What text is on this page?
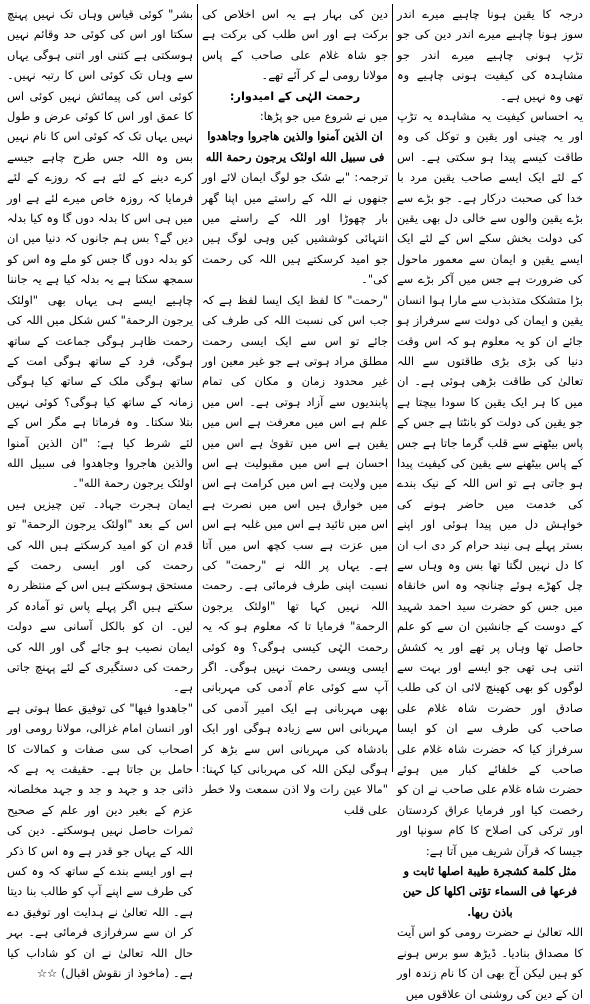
درجہ کا یقین ہونا چاہیے میرے اندر سوز ہونا چاہیے میرے اندر دین کی جو تڑپ ہونی چاہیے میرے اندر جو مشاہدہ کی کیفیت ہونی چاہیے وہ تھی وہ نہیں ہے۔

یہ احساس کیفیت یہ مشاہدہ یہ تڑپ اور یہ چینی اور یقین و توکل کی وہ طاقت کیسے پیدا ہو سکتی ہے۔ اس کے لئے ایک ایسے صاحب یقین مرد با خدا کی صحبت درکار ہے۔ جو بڑے سے بڑے یقین والوں سے خالی دل بھی یقین کی دولت بخش سکے اس کے لئے ایک ایسے یقین و ایمان سے معمور ماحول کی ضرورت ہے جس میں آکر بڑے سے بڑا متشکک متذبذب سے مارا ہوا انسان یقین و ایمان کی دولت سے سرفراز ہو جائے ان کو یہ معلوم ہو کہ اس وقت دنیا کی بڑی بڑی طاقتوں سے اللہ تعالیٰ کی طاقت بڑھی ہوئی ہے۔ ان میں کا ہر ایک یقین کا سودا بیچتا ہے جو یقین کی دولت کو بانٹتا ہے جس کے پاس بیٹھنے سے قلب گرما جاتا ہے جس کے پاس بیٹھنے سے یقین کی کیفیت پیدا ہو جاتی ہے تو اس اللہ کے نیک بندے کی خدمت میں حاضر ہونے کی خواہش دل میں پیدا ہوئی اور اپنے بستر پہلے ہی نیند حرام کر دی اب ان کا دل نہیں لگتا تھا بس وہ وہاں سے چل کھڑے ہوئے چنانچہ وہ اس خانقاہ میں جس کو حضرت سید احمد شہید کے دوست کے جانشین ان سے کو علم حاصل تھا وہاں پر تھے اور یہ کشش اتنی ہی تھی جو ایسے اور بہت سے لوگوں کو بھی کھینچ لائی ان کی طلب صادق اور حضرت شاہ غلام علی صاحب کی طرف سے ان کو ایسا سرفراز کیا کہ حضرت شاہ غلام علی صاحب کے خلفائے کبار میں ہوئے حضرت شاہ غلام علی صاحب نے ان کو رخصت کیا اور فرمایا عراق کردستان اور ترکی کی اصلاح کا کام سونپا اور جیسا کہ قرآن شریف میں آتا ہے:

مثل کلمة کشجرة طیبة اصلها ثابت و فرعها فی السماء تؤتی اکلها کل حین باذن ربها.

اللہ تعالیٰ نے حضرت رومی کو اس آیت کا مصداق بنادیا۔ ڈیڑھ سو برس ہونے کو ہیں لیکن آج بھی ان کا نام زندہ اور ان کے دین کی روشنی ان علاقوں میں

دین کی بہار ہے یہ اس اخلاص کی برکت ہے اور اس طلب کی برکت ہے جو شاہ غلام علی صاحب کے پاس مولانا رومی لے کر آئے تھے۔

رحمت الہٰی کے امیدوار:

میں نے شروع میں جو پڑھا:

ان الذین آمنوا والذین هاجروا وجاهدوا فی سبیل الله اولئک یرجون رحمة الله

ترجمہ: "بے شک جو لوگ ایمان لائے اور جنھوں نے اللہ کے راستے میں اپنا گھر بار چھوڑا اور اللہ کے راستے میں انتہائی کوششیں کیں وہی لوگ ہیں جو امید کرسکتے ہیں اللہ کی رحمت کی"۔

"رحمت" کا لفظ ایک ایسا لفظ ہے کہ جب اس کی نسبت اللہ کی طرف کی جائے تو اس سے ایک ایسی رحمت مطلق مراد ہوتی ہے جو غیر معین اور غیر محدود زمان و مکان کی تمام پابندیوں سے آزاد ہوتی ہے۔ اس میں علم ہے اس میں معرفت ہے اس میں یقین ہے اس میں تقویٰ ہے اس میں احسان ہے اس میں مقبولیت ہے اس میں ولایت ہے اس میں کرامت ہے اس میں خوارق ہیں اس میں نصرت ہے اس میں تائید ہے اس میں غلبہ ہے اس میں عزت ہے سب کچھ اس میں آتا ہے۔ یہاں پر اللہ نے "رحمت" کی نسبت اپنی طرف فرمائی ہے۔ رحمت اللہ نہیں کہا تھا "اولئک یرجون الرحمة" فرمایا تا کہ معلوم ہو کہ یہ رحمت الہٰی کیسی ہوگی؟ وہ کوئی ایسی ویسی رحمت نہیں ہوگی۔ اگر آپ سے کوئی عام آدمی کی مہربانی بھی مہربانی ہے ایک امیر آدمی کی مہربانی اس سے زیادہ ہوگی اور ایک بادشاہ کی مہربانی اس سے بڑھ کر ہوگی لیکن اللہ کی مہربانی کیا کہنا: "مالا عین رات ولا اذن سمعت ولا خطر علی قلب

بشر" کوئی قیاس وہاں تک نہیں پہنچ سکتا اور اس کی کوئی حد وقائم نہیں ہوسکتی ہے کتنی اور اتنی ہوگی یہاں سے وہاں تک کوئی اس کا رتبہ نہیں۔ کوئی اس کی پیمائش نہیں کوئی اس کا عمق اور اس کا کوئی عرض و طول نہیں یہاں تک کہ کوئی اس کا نام نہیں بس وہ اللہ جس طرح چاہے جیسے کرے دینے کے لئے ہے کہ روزے کے لئے فرمایا کہ روزہ خاص میرے لئے ہے اور میں ہی اس کا بدلہ دوں گا وہ کیا بدلہ دیں گے؟ بس ہم جانوں کہ دنیا میں ان کو بدلہ دوں گا جس کو ملے وہ اس کو سمجھ سکتا ہے یہ بدلہ کیا ہے یہ جاننا چاہیے ایسے ہی یہاں بھی "اولئک یرجون الرحمة" کس شکل میں اللہ کی رحمت ظاہر ہوگی جماعت کے ساتھ ہوگی، فرد کے ساتھ ہوگی امت کے ساتھ ہوگی ملک کے ساتھ کیا ہوگی زمانہ کے ساتھ کیا ہوگی؟ کوئی نہیں بتلا سکتا۔ وہ فرماتا ہے مگر اس کے لئے شرط کیا ہے: "ان الذین آمنوا والذین هاجروا وجاهدوا فی سبیل الله اولئک یرجون رحمة الله"۔

ایمان ہجرت جہاد۔ تین چیزیں ہیں اس کے بعد "اولئک یرجون الرحمة" تو قدم ان کو امید کرسکتے ہیں اللہ کی رحمت کی اور ایسی رحمت کے مستحق ہوسکتے ہیں اس کے منتظر رہ سکتے ہیں اگر پہلے پاس تو آمادہ کر لیں۔ ان کو بالکل آسانی سے دولت ایمان نصیب ہو جائے گی اور اللہ کی رحمت کی دستگیری کے لئے پہنچ جاتی ہے۔

"جاهدوا فیها" کی توفیق عطا ہوتی ہے اور انسان امام غزالی، مولانا رومی اور اصحاب کی سی صفات و کمالات کا حامل بن جاتا ہے۔ حقیقت یہ ہے کہ ذاتی جد و جہد و جد و جہد مخلصانہ عزم کے بغیر دین اور علم کے صحیح ثمرات حاصل نہیں ہوسکتے۔ دین کی اللہ کے یہاں جو قدر ہے وہ اس کا ذکر ہے اور ایسے بندے کے ساتھ کہ وہ کس کی طرف سے اپنے آپ کو طالب بنا دیتا ہے۔ اللہ تعالیٰ نے ہدایت اور توفیق دے کر ان سے سرفرازی فرمائی ہے۔ بہر حال اللہ تعالیٰ نے ان کو شاداب کیا ہے۔ (ماخوذ از نقوش اقبال) ☆☆
